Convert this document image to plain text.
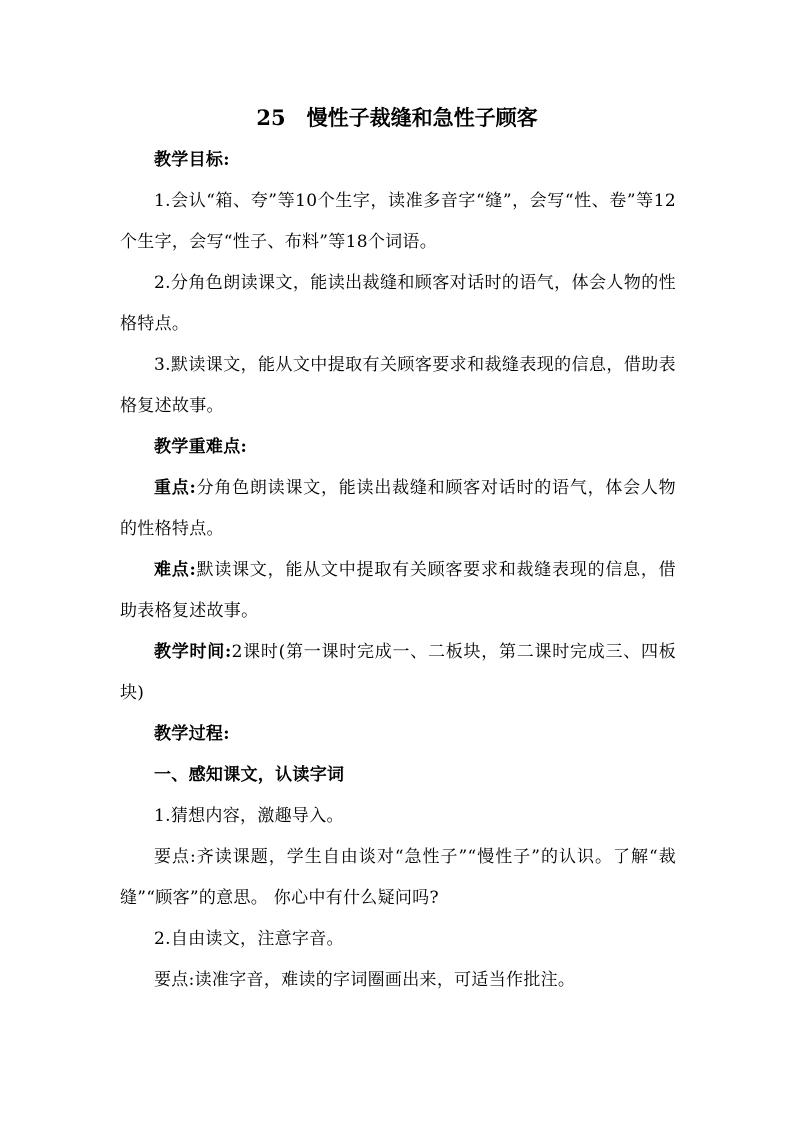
25　慢性子裁缝和急性子顾客

教学目标:

1.会认“箱、夸”等10个生字，读准多音字“缝”，会写“性、卷”等12个生字，会写“性子、布料”等18个词语。

2.分角色朗读课文，能读出裁缝和顾客对话时的语气，体会人物的性格特点。

3.默读课文，能从文中提取有关顾客要求和裁缝表现的信息，借助表格复述故事。

教学重难点:

重点:分角色朗读课文，能读出裁缝和顾客对话时的语气，体会人物的性格特点。

难点:默读课文，能从文中提取有关顾客要求和裁缝表现的信息，借助表格复述故事。

教学时间:2课时(第一课时完成一、二板块，第二课时完成三、四板块)

教学过程:

一、感知课文，认读字词

1.猜想内容，激趣导入。

要点:齐读课题，学生自由谈对“急性子”“慢性子”的认识。了解“裁缝”“顾客”的意思。 你心中有什么疑问吗?

2.自由读文，注意字音。

要点:读准字音，难读的字词圈画出来，可适当作批注。
